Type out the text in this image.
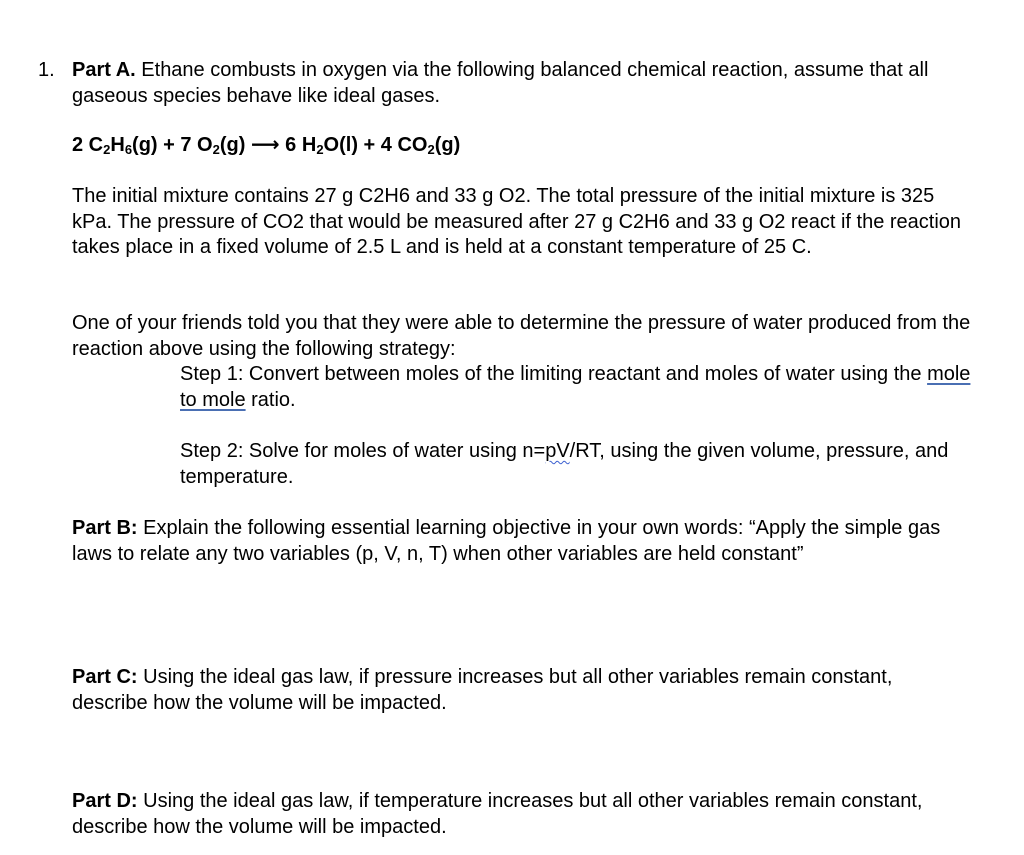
1. Part A. Ethane combusts in oxygen via the following balanced chemical reaction, assume that all gaseous species behave like ideal gases.
2 $C_2H_6(g) + 7$ $O_2(g)$ ⟶ 6 $H_2O(l) + 4$ $CO_2(g)$
The initial mixture contains 27 g C2H6 and 33 g O2. The total pressure of the initial mixture is 325 kPa. The pressure of CO2 that would be measured after 27 g C2H6 and 33 g O2 react if the reaction takes place in a fixed volume of 2.5 L and is held at a constant temperature of 25 C.
One of your friends told you that they were able to determine the pressure of water produced from the reaction above using the following strategy:
Step 1: Convert between moles of the limiting reactant and moles of water using the mole to mole ratio.
Step 2: Solve for moles of water using n=pV/RT, using the given volume, pressure, and temperature.
Part B: Explain the following essential learning objective in your own words: “Apply the simple gas laws to relate any two variables (p, V, n, T) when other variables are held constant”
Part C: Using the ideal gas law, if pressure increases but all other variables remain constant, describe how the volume will be impacted.
Part D: Using the ideal gas law, if temperature increases but all other variables remain constant, describe how the volume will be impacted.
